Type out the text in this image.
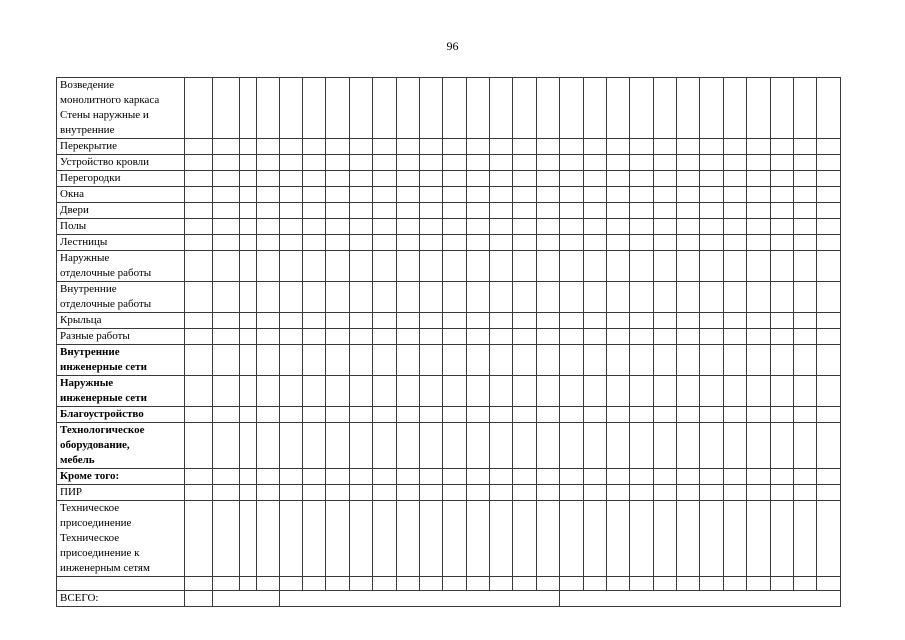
96
Возведение
монолитного каркаса
Стены наружные и
внутренние																												

Перекрытие																												

Устройство кровли																												

Перегородки																												

Окна																												

Двери																												

Полы																												

Лестницы																												

Наружные
отделочные работы																												

Внутренние
отделочные работы																												

Крыльца																												

Разные работы																												

Внутренние
инженерные сети																												

Наружные
инженерные сети																												

Благоустройство																												

Технологическое
оборудование,
мебель																												

Кроме того:																												

ПИР																												

Техническое
присоединение
Техническое
присоединение к
инженерным сетям																												

ВСЕГО:																												
